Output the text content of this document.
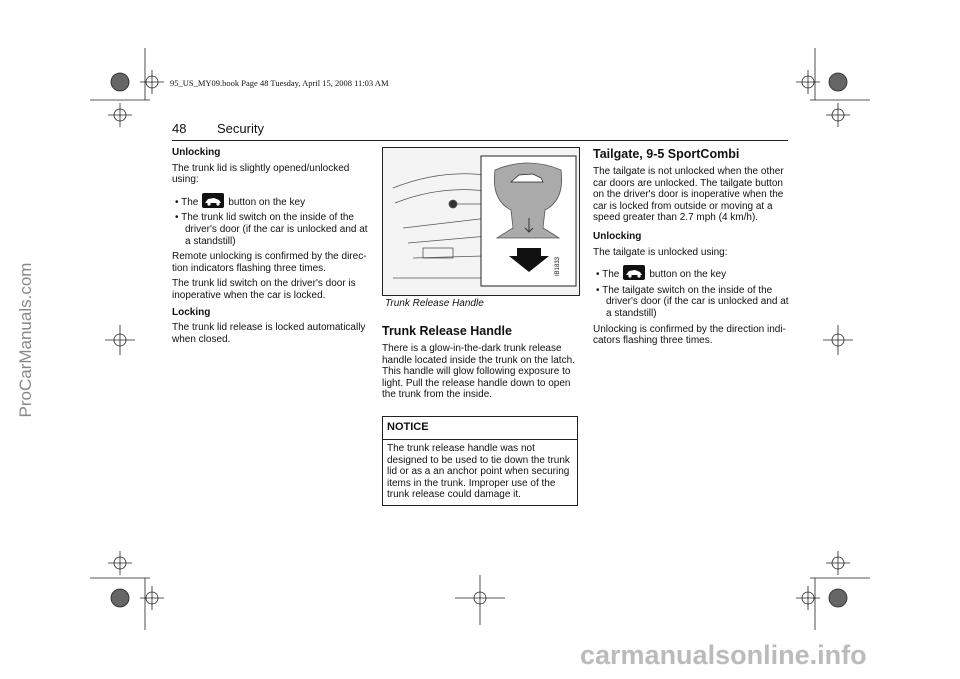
95_US_MY09.book Page 48 Tuesday, April 15, 2008 11:03 AM
ProCarManuals.com
48 Security
Unlocking
The trunk lid is slightly opened/unlocked using:
• The	button on the key
• The trunk lid switch on the inside of the driver's door (if the car is unlocked and at a standstill)
Remote unlocking is confirmed by the direc-tion indicators flashing three times.
The trunk lid switch on the driver's door is inoperative when the car is locked.
Locking
The trunk lid release is locked automatically when closed.
IB1833
Trunk Release Handle
Trunk Release Handle
There is a glow-in-the-dark trunk release handle located inside the trunk on the latch. This handle will glow following exposure to light. Pull the release handle down to open the trunk from the inside.
NOTICE
The trunk release handle was not designed to be used to tie down the trunk lid or as a an anchor point when securing items in the trunk. Improper use of the trunk release could damage it.
Tailgate, 9-5 SportCombi
The tailgate is not unlocked when the other car doors are unlocked. The tailgate button on the driver's door is inoperative when the car is locked from outside or moving at a speed greater than 2.7 mph (4 km/h).
Unlocking
The tailgate is unlocked using:
• The	button on the key
• The tailgate switch on the inside of the driver's door (if the car is unlocked and at a standstill)
Unlocking is confirmed by the direction indi-cators flashing three times.
carmanualsonline.info
